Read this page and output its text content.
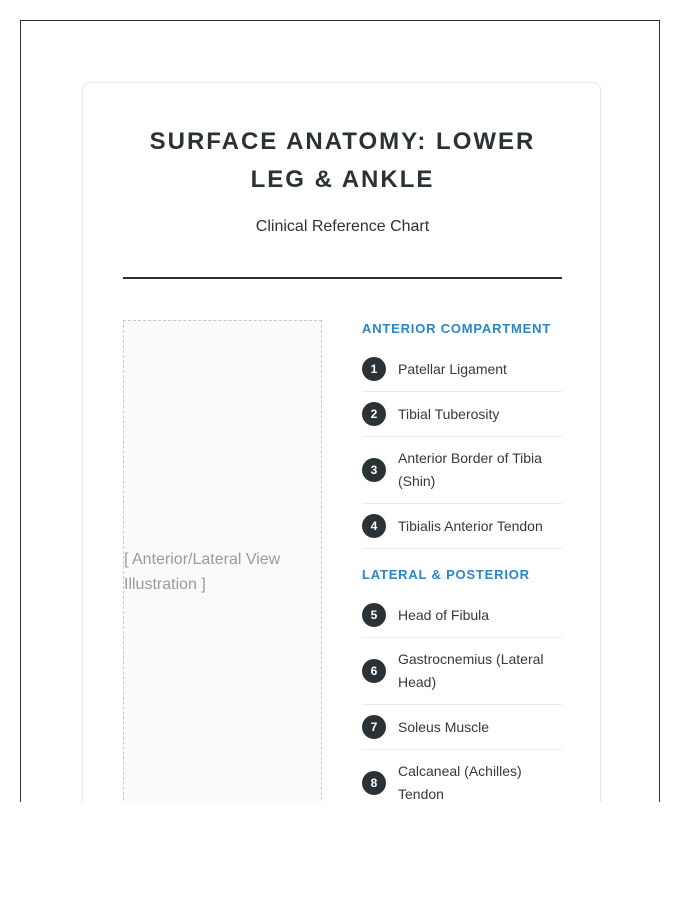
SURFACE ANATOMY: LOWER LEG & ANKLE
Clinical Reference Chart
[ Anterior/Lateral View Illustration ]
ANTERIOR COMPARTMENT
1	Patellar Ligament
2	Tibial Tuberosity
3
Anterior Border of Tibia (Shin)
4	Tibialis Anterior Tendon
LATERAL & POSTERIOR
5	Head of Fibula
6
Gastrocnemius (Lateral Head)
7	Soleus Muscle
8
Calcaneal (Achilles) Tendon
